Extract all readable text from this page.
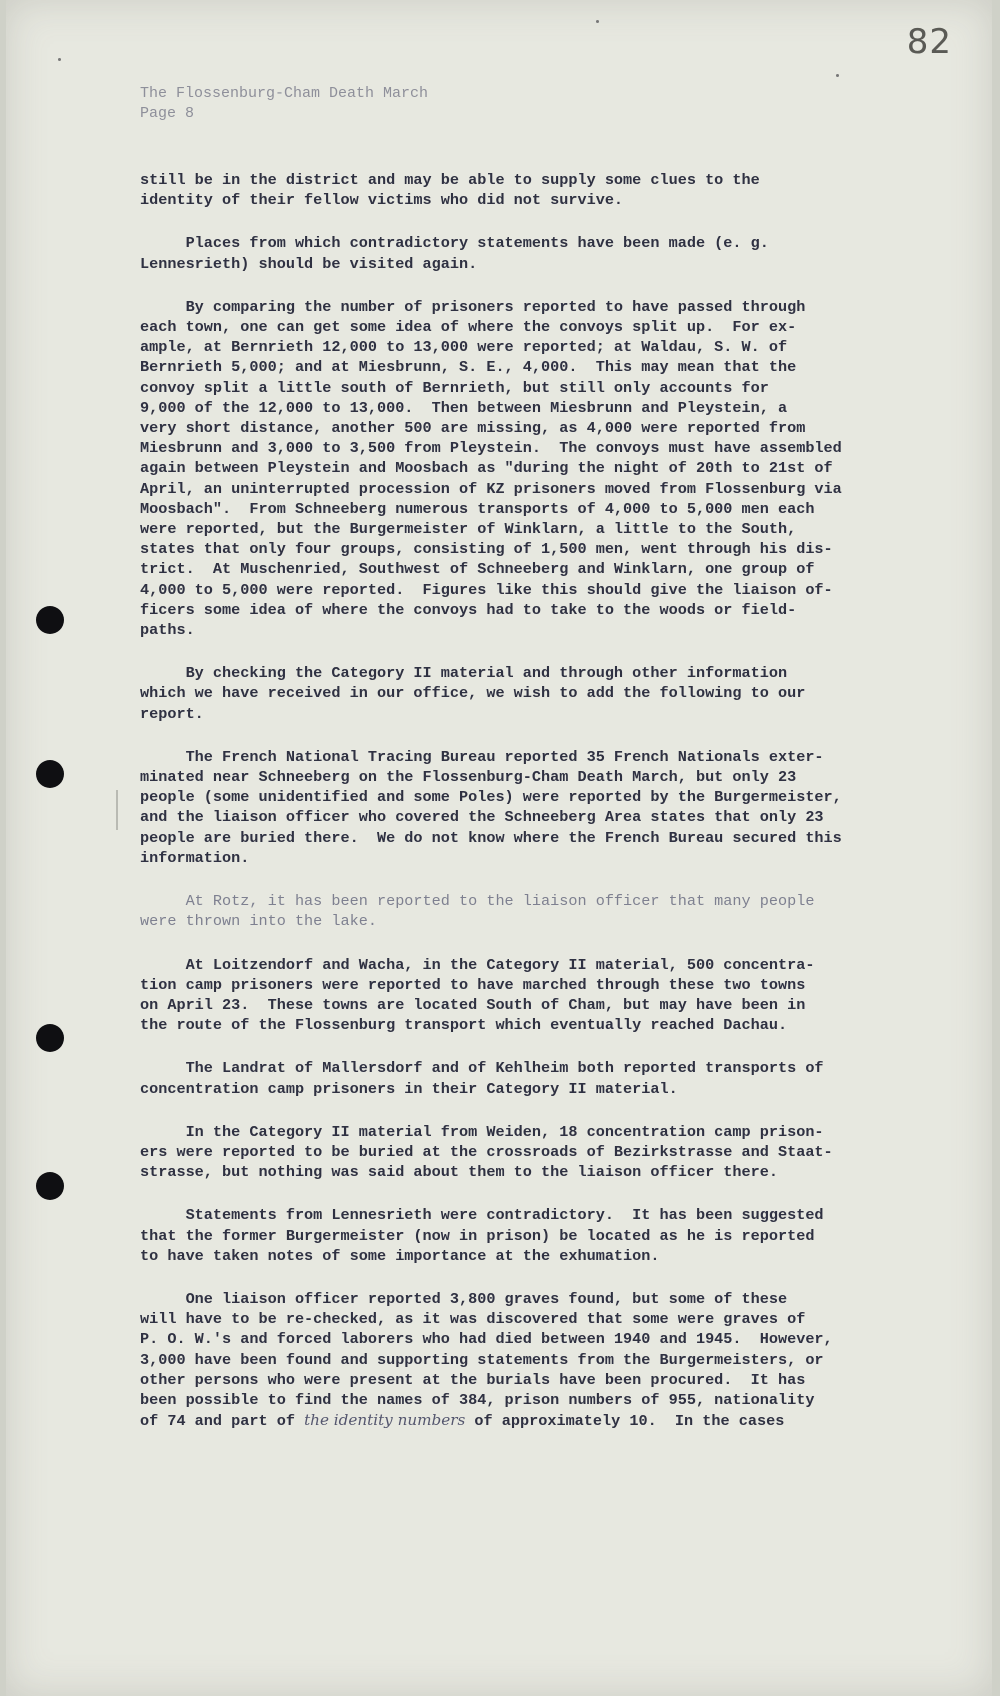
82
The Flossenburg-Cham Death March
Page 8
still be in the district and may be able to supply some clues to the
identity of their fellow victims who did not survive.
Places from which contradictory statements have been made (e. g.
Lennesrieth) should be visited again.
By comparing the number of prisoners reported to have passed through
each town, one can get some idea of where the convoys split up.  For ex-
ample, at Bernrieth 12,000 to 13,000 were reported; at Waldau, S. W. of
Bernrieth 5,000; and at Miesbrunn, S. E., 4,000.  This may mean that the
convoy split a little south of Bernrieth, but still only accounts for
9,000 of the 12,000 to 13,000.  Then between Miesbrunn and Pleystein, a
very short distance, another 500 are missing, as 4,000 were reported from
Miesbrunn and 3,000 to 3,500 from Pleystein.  The convoys must have assembled
again between Pleystein and Moosbach as "during the night of 20th to 21st of
April, an uninterrupted procession of KZ prisoners moved from Flossenburg via
Moosbach".  From Schneeberg numerous transports of 4,000 to 5,000 men each
were reported, but the Burgermeister of Winklarn, a little to the South,
states that only four groups, consisting of 1,500 men, went through his dis-
trict.  At Muschenried, Southwest of Schneeberg and Winklarn, one group of
4,000 to 5,000 were reported.  Figures like this should give the liaison of-
ficers some idea of where the convoys had to take to the woods or field-
paths.
By checking the Category II material and through other information
which we have received in our office, we wish to add the following to our
report.
The French National Tracing Bureau reported 35 French Nationals exter-
minated near Schneeberg on the Flossenburg-Cham Death March, but only 23
people (some unidentified and some Poles) were reported by the Burgermeister,
and the liaison officer who covered the Schneeberg Area states that only 23
people are buried there.  We do not know where the French Bureau secured this
information.
At Rotz, it has been reported to the liaison officer that many people
were thrown into the lake.
At Loitzendorf and Wacha, in the Category II material, 500 concentra-
tion camp prisoners were reported to have marched through these two towns
on April 23.  These towns are located South of Cham, but may have been in
the route of the Flossenburg transport which eventually reached Dachau.
The Landrat of Mallersdorf and of Kehlheim both reported transports of
concentration camp prisoners in their Category II material.
In the Category II material from Weiden, 18 concentration camp prison-
ers were reported to be buried at the crossroads of Bezirkstrasse and Staat-
strasse, but nothing was said about them to the liaison officer there.
Statements from Lennesrieth were contradictory.  It has been suggested
that the former Burgermeister (now in prison) be located as he is reported
to have taken notes of some importance at the exhumation.
One liaison officer reported 3,800 graves found, but some of these
will have to be re-checked, as it was discovered that some were graves of
P. O. W.'s and forced laborers who had died between 1940 and 1945.  However,
3,000 have been found and supporting statements from the Burgermeisters, or
other persons who were present at the burials have been procured.  It has
been possible to find the names of 384, prison numbers of 955, nationality
of 74 and part of the identity numbers of approximately 10.  In the cases
